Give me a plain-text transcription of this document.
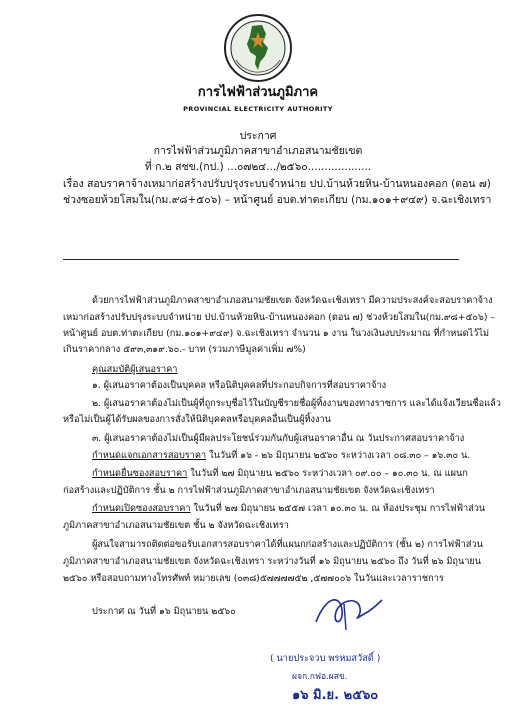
การไฟฟ้าส่วนภูมิภาค
PROVINCIAL ELECTRICITY AUTHORITY
ประกาศ
การไฟฟ้าส่วนภูมิภาคสาขาอำเภอสนามชัยเขต
ที่ ก.๒ สชข.(กป.) ...๐๗๒๔.../๒๕๖๐...................
เรื่อง สอบราคาจ้างเหมาก่อสร้างปรับปรุงระบบจำหน่าย ปป.บ้านห้วยหิน-บ้านหนองคอก (ตอน ๗)
ช่วงซอยห้วยโสมใน(กม.๙๘+๕๐๖) – หน้าศูนย์ อบต.ท่าตะเกียบ (กม.๑๐๑+๙๔๙) จ.ฉะเชิงเทรา
ด้วยการไฟฟ้าส่วนภูมิภาคสาขาอำเภอสนามชัยเขต จังหวัดฉะเชิงเทรา มีความประสงค์จะสอบราคาจ้าง
เหมาก่อสร้างปรับปรุงระบบจำหน่าย ปป.บ้านห้วยหิน-บ้านหนองคอก (ตอน ๗) ช่วงห้วยโสมใน(กม.๙๘+๕๐๖) –
หน้าศูนย์ อบต.ท่าตะเกียบ (กม.๑๐๑+๙๔๙) จ.ฉะเชิงเทรา จำนวน ๑ งาน ในวงเงินงบประมาณ ที่กำหนดไว้ไม่
เกินราคากลาง ๕๙๓,๓๑๙.๖๐.- บาท (รวมภาษีมูลค่าเพิ่ม ๗%)
คุณสมบัติผู้เสนอราคา
๑. ผู้เสนอราคาต้องเป็นบุคคล หรือนิติบุคคลที่ประกอบกิจการที่สอบราคาจ้าง
๒. ผู้เสนอราคาต้องไม่เป็นผู้ที่ถูกระบุชื่อไว้ในบัญชีรายชื่อผู้ทิ้งงานของทางราชการ และได้แจ้งเวียนชื่อแล้ว
หรือไม่เป็นผู้ได้รับผลของการสั่งให้นิติบุคคลหรือบุคคลอื่นเป็นผู้ทิ้งงาน
๓. ผู้เสนอราคาต้องไม่เป็นผู้มีผลประโยชน์ร่วมกันกับผู้เสนอราคาอื่น ณ วันประกาศสอบราคาจ้าง
กำหนดแจกเอกสารสอบราคา ในวันที่ ๑๖ - ๒๖ มิถุนายน ๒๕๖๐ ระหว่างเวลา ๐๘.๓๐ – ๑๖.๓๐ น.
กำหนดยื่นซองสอบราคา ในวันที่ ๒๗ มิถุนายน ๒๕๖๐ ระหว่างเวลา ๐๙.๐๐ – ๑๐.๓๐ น. ณ แผนก
ก่อสร้างและปฏิบัติการ ชั้น ๒ การไฟฟ้าส่วนภูมิภาคสาขาอำเภอสนามชัยเขต จังหวัดฉะเชิงเทรา
กำหนดเปิดซองสอบราคา ในวันที่ ๒๗ มิถุนายน ๒๕๕๗ เวลา ๑๐.๓๐ น. ณ ห้องประชุม การไฟฟ้าส่วน
ภูมิภาคสาขาอำเภอสนามชัยเขต ชั้น ๒ จังหวัดฉะเชิงเทรา
ผู้สนใจสามารถติดต่อขอรับเอกสารสอบราคาได้ที่แผนกก่อสร้างและปฏิบัติการ (ชั้น ๒) การไฟฟ้าส่วน
ภูมิภาคสาขาอำเภอสนามชัยเขต จังหวัดฉะเชิงเทรา ระหว่างวันที่ ๑๖ มิถุนายน ๒๕๖๐ ถึง วันที่ ๒๖ มิถุนายน
๒๕๖๐ หรือสอบถามทางโทรศัพท์ หมายเลข (๐๓๘)๕๗๗๗๗๕๒ ,๕๗๗๐๐๖ ในวันและเวลาราชการ
ประกาศ ณ วันที่ ๑๖ มิถุนายน ๒๕๖๐
( นายประจวบ พรหมสวัสดิ์ )
ผจก.กฟอ.ผสข.
๑๖ มิ.ย. ๒๕๖๐
